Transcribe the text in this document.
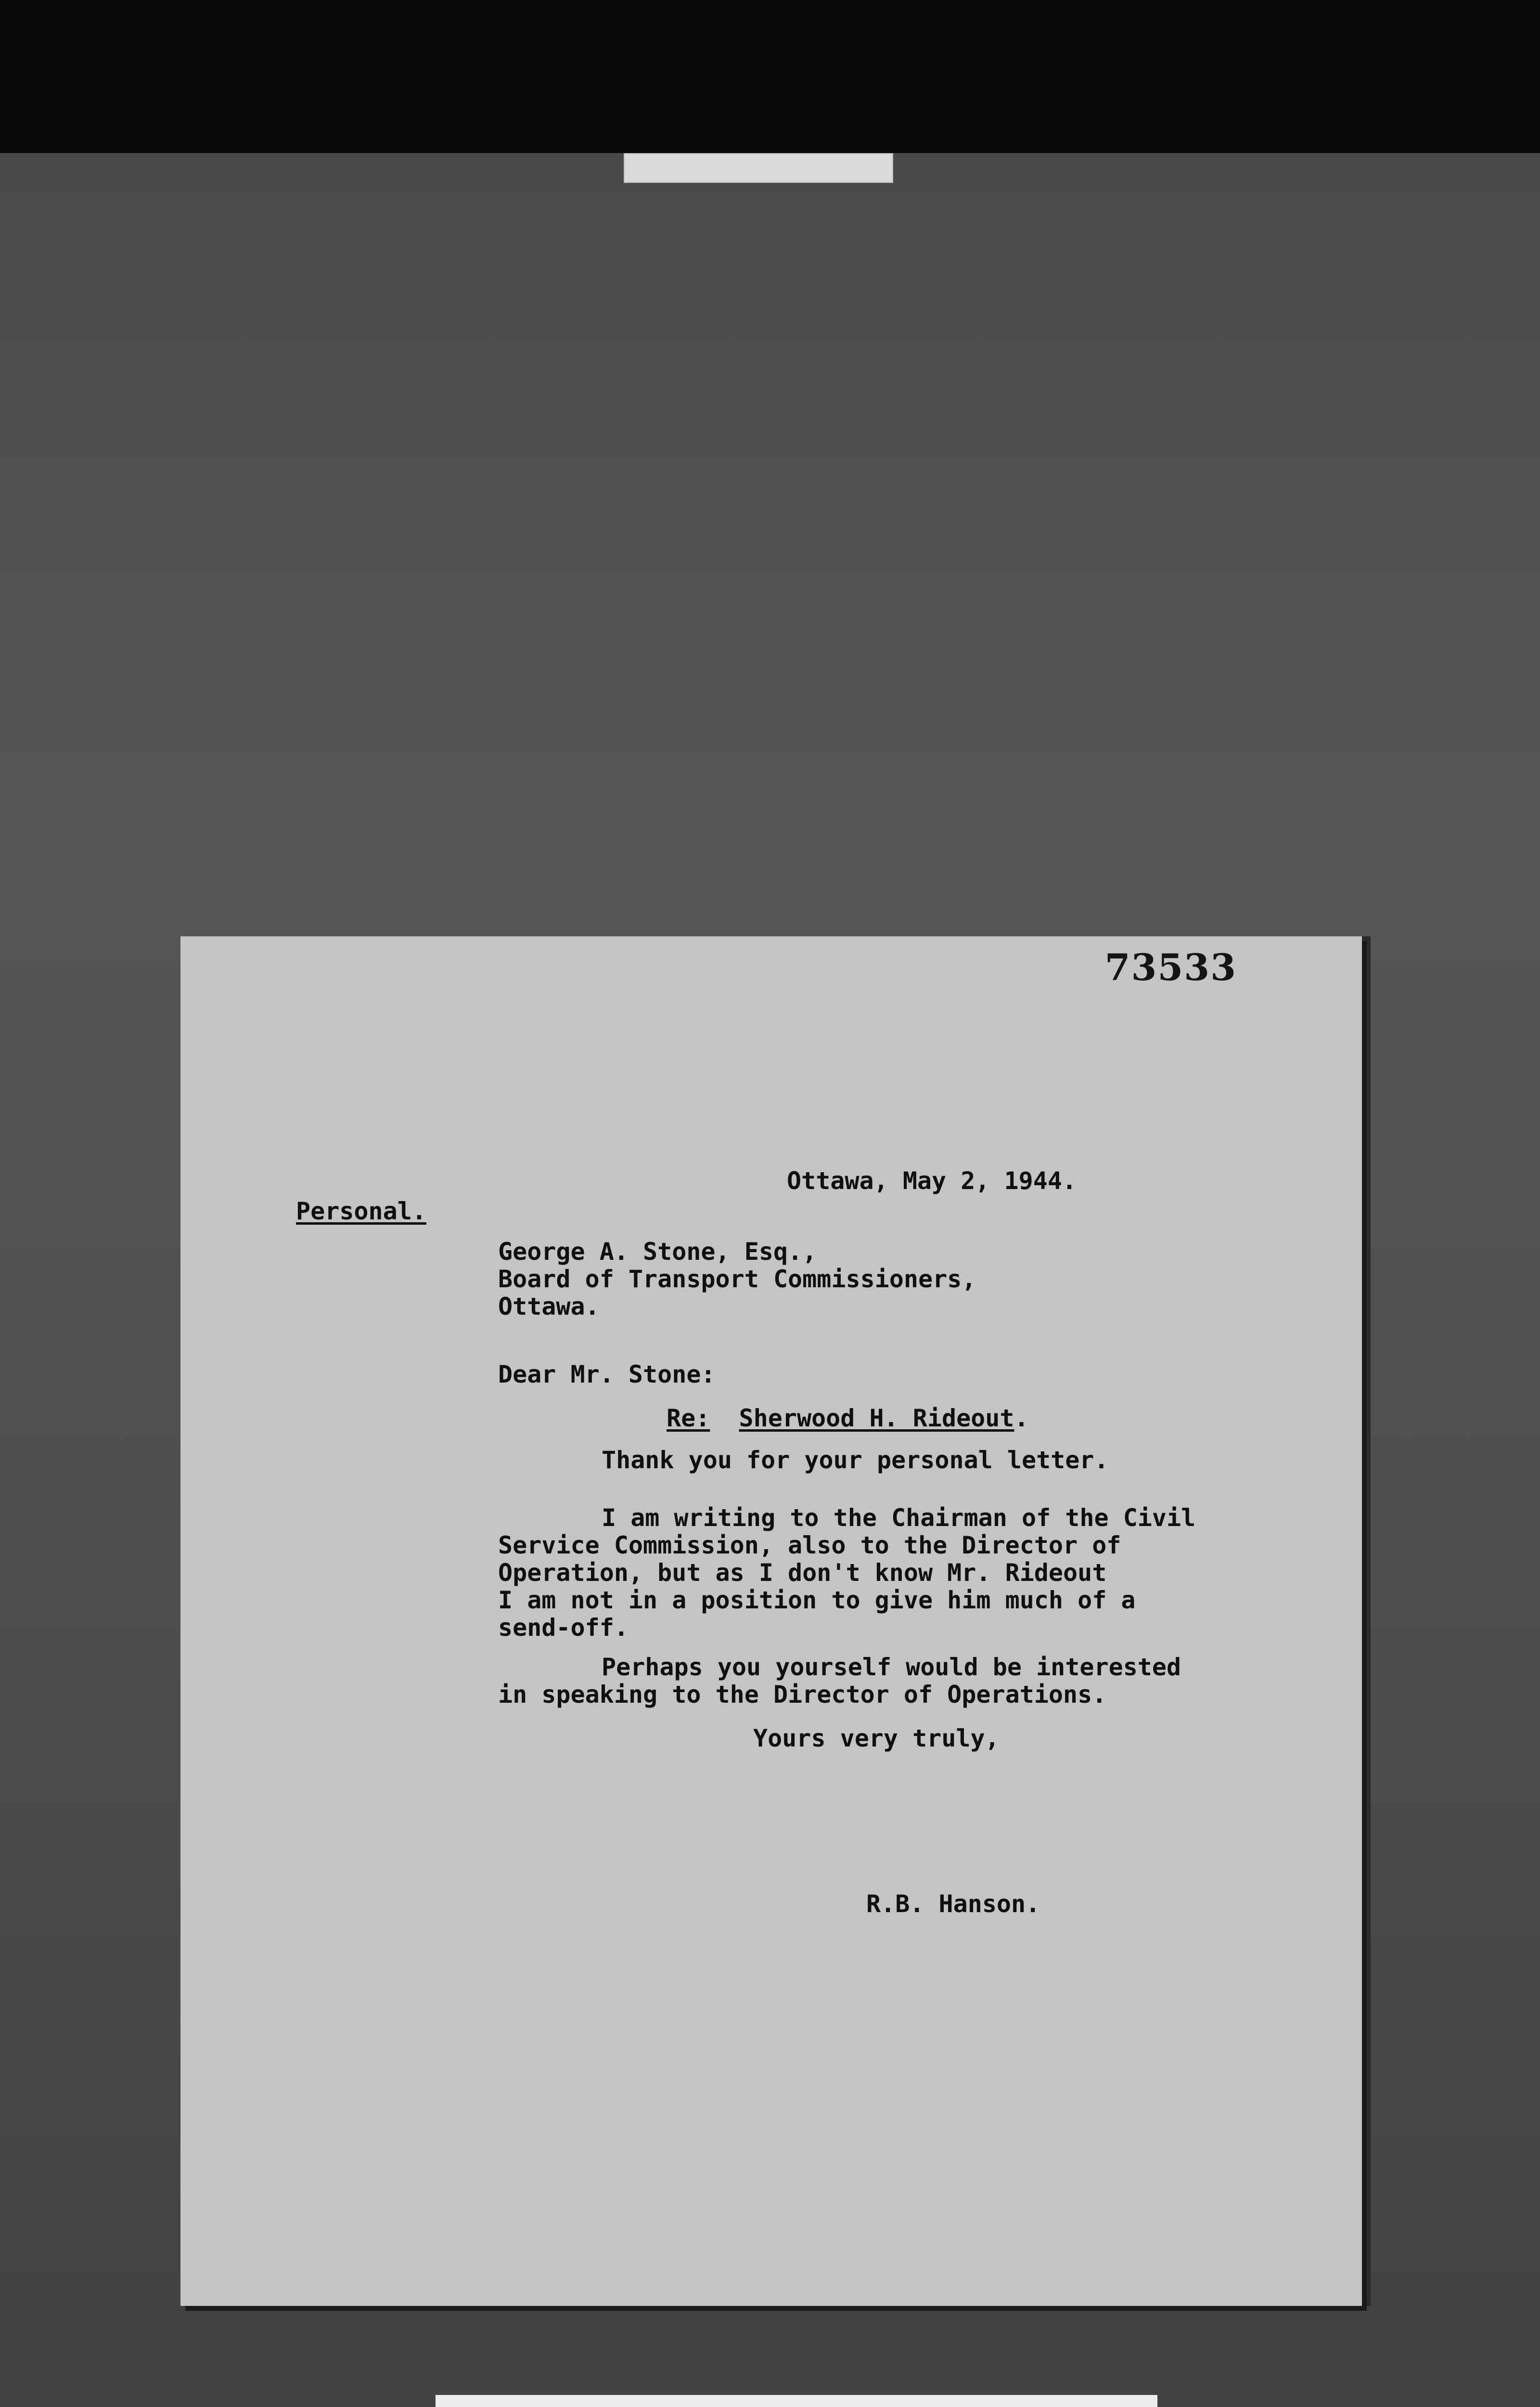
73533
Ottawa, May 2, 1944.
Personal.
George A. Stone, Esq.,
Board of Transport Commissioners,
Ottawa.
Dear Mr. Stone:
Re: Sherwood H. Rideout.
Thank you for your personal letter.
I am writing to the Chairman of the Civil
Service Commission, also to the Director of
Operation, but as I don't know Mr. Rideout
I am not in a position to give him much of a
send-off.
Perhaps you yourself would be interested
in speaking to the Director of Operations.
Yours very truly,
R.B. Hanson.
